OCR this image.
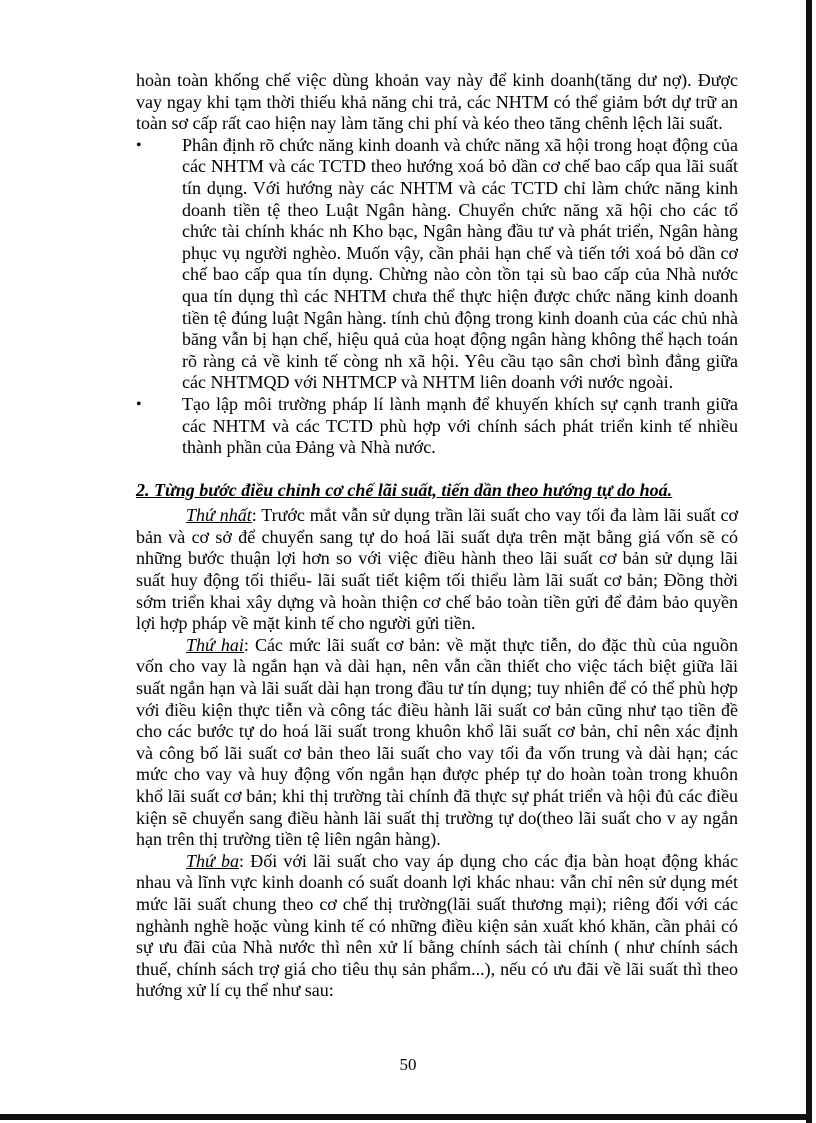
hoàn toàn khống chế việc dùng khoản vay này để kinh doanh(tăng dư nợ). Được vay ngay khi tạm thời thiếu khả năng chi trả, các NHTM có thể giảm bớt dự trữ an toàn sơ cấp rất cao hiện nay làm tăng chi phí và kéo theo tăng chênh lệch lãi suất.

•	Phân định rõ chức năng kinh doanh và chức năng xã hội trong hoạt động của các NHTM và các TCTD theo hướng xoá bỏ dần cơ chế bao cấp qua lãi suất tín dụng. Với hướng này các NHTM và các TCTD chỉ làm chức năng kinh doanh tiền tệ theo Luật Ngân hàng. Chuyển chức năng xã hội cho các tổ chức tài chính khác nh Kho bạc, Ngân hàng đầu tư và phát triển, Ngân hàng phục vụ người nghèo. Muốn vậy, cần phải hạn chế và tiến tới xoá bỏ dần cơ chế bao cấp qua tín dụng. Chừng nào còn tồn tại sù bao cấp của Nhà nước qua tín dụng thì các NHTM chưa thể thực hiện được chức năng kinh doanh tiền tệ đúng luật Ngân hàng. tính chủ động trong kinh doanh của các chủ nhà băng vẫn bị hạn chế, hiệu quả của hoạt động ngân hàng không thể hạch toán rõ ràng cả về kinh tế còng nh xã hội. Yêu cầu tạo sân chơi bình đẳng giữa các NHTMQD với NHTMCP và NHTM liên doanh với nước ngoài.
•	Tạo lập môi trường pháp lí lành mạnh để khuyến khích sự cạnh tranh giữa các NHTM và các TCTD phù hợp với chính sách phát triển kinh tế nhiều thành phần của Đảng và Nhà nước.

2. Từng bước điều chỉnh cơ chế lãi suất, tiến dần theo hướng tự do hoá.

Thứ nhất: Trước mắt vẫn sử dụng trần lãi suất cho vay tối đa làm lãi suất cơ bản và cơ sở để chuyển sang tự do hoá lãi suất dựa trên mặt bằng giá vốn sẽ có những bước thuận lợi hơn so với việc điều hành theo lãi suất cơ bản sử dụng lãi suất huy động tối thiểu- lãi suất tiết kiệm tối thiểu làm lãi suất cơ bản; Đồng thời sớm triển khai xây dựng và hoàn thiện cơ chế bảo toàn tiền gửi để đảm bảo quyền lợi hợp pháp về mặt kinh tế cho người gửi tiền.

Thứ hai: Các mức lãi suất cơ bản: về mặt thực tiễn, do đặc thù của nguồn vốn cho vay là ngắn hạn và dài hạn, nên vẫn cần thiết cho việc tách biệt giữa lãi suất ngắn hạn và lãi suất dài hạn trong đầu tư tín dụng; tuy nhiên để có thể phù hợp với điều kiện thực tiễn và công tác điều hành lãi suất cơ bản cũng như tạo tiền đề cho các bước tự do hoá lãi suất trong khuôn khổ lãi suất cơ bản, chỉ nên xác định và công bố lãi suất cơ bản theo lãi suất cho vay tối đa vốn trung và dài hạn; các mức cho vay và huy động vốn ngắn hạn được phép tự do hoàn toàn trong khuôn khổ lãi suất cơ bản; khi thị trường tài chính đã thực sự phát triển và hội đủ các điều kiện sẽ chuyển sang điều hành lãi suất thị trường tự do(theo lãi suất cho v ay ngắn hạn trên thị trường tiền tệ liên ngân hàng).

Thứ ba: Đối với lãi suất cho vay áp dụng cho các địa bàn hoạt động khác nhau và lĩnh vực kinh doanh có suất doanh lợi khác nhau: vẫn chỉ nên sử dụng mét mức lãi suất chung theo cơ chế thị trường(lãi suất thương mại); riêng đối với các nghành nghề hoặc vùng kinh tế có những điều kiện sản xuất khó khăn, cần phải có sự ưu đãi của Nhà nước thì nên xử lí bằng chính sách tài chính ( như chính sách thuế, chính sách trợ giá cho tiêu thụ sản phẩm...), nếu có ưu đãi về lãi suất thì theo hướng xử lí cụ thể như sau:

50
